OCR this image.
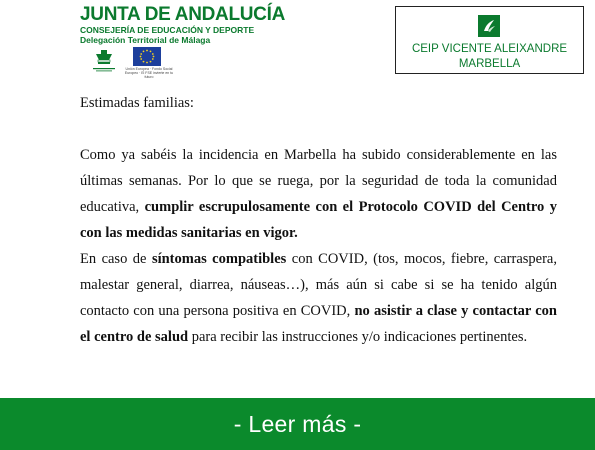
JUNTA DE ANDALUCÍA
CONSEJERÍA DE EDUCACIÓN Y DEPORTE
Delegación Territorial de Málaga
Unión Europea · Fondo Social Europeo · El FSE invierte en tu futuro
CEIP VICENTE ALEIXANDRE
MARBELLA

Estimadas familias:

Como ya sabéis la incidencia en Marbella ha subido considerablemente en las últimas semanas. Por lo que se ruega, por la seguridad de toda la comunidad educativa, cumplir escrupulosamente con el Protocolo COVID del Centro y con las medidas sanitarias en vigor.

En caso de síntomas compatibles con COVID, (tos, mocos, fiebre, carraspera, malestar general, diarrea, náuseas…), más aún si cabe si se ha tenido algún contacto con una persona positiva en COVID, no asistir a clase y contactar con el centro de salud para recibir las instrucciones y/o indicaciones pertinentes.

- Leer más -
